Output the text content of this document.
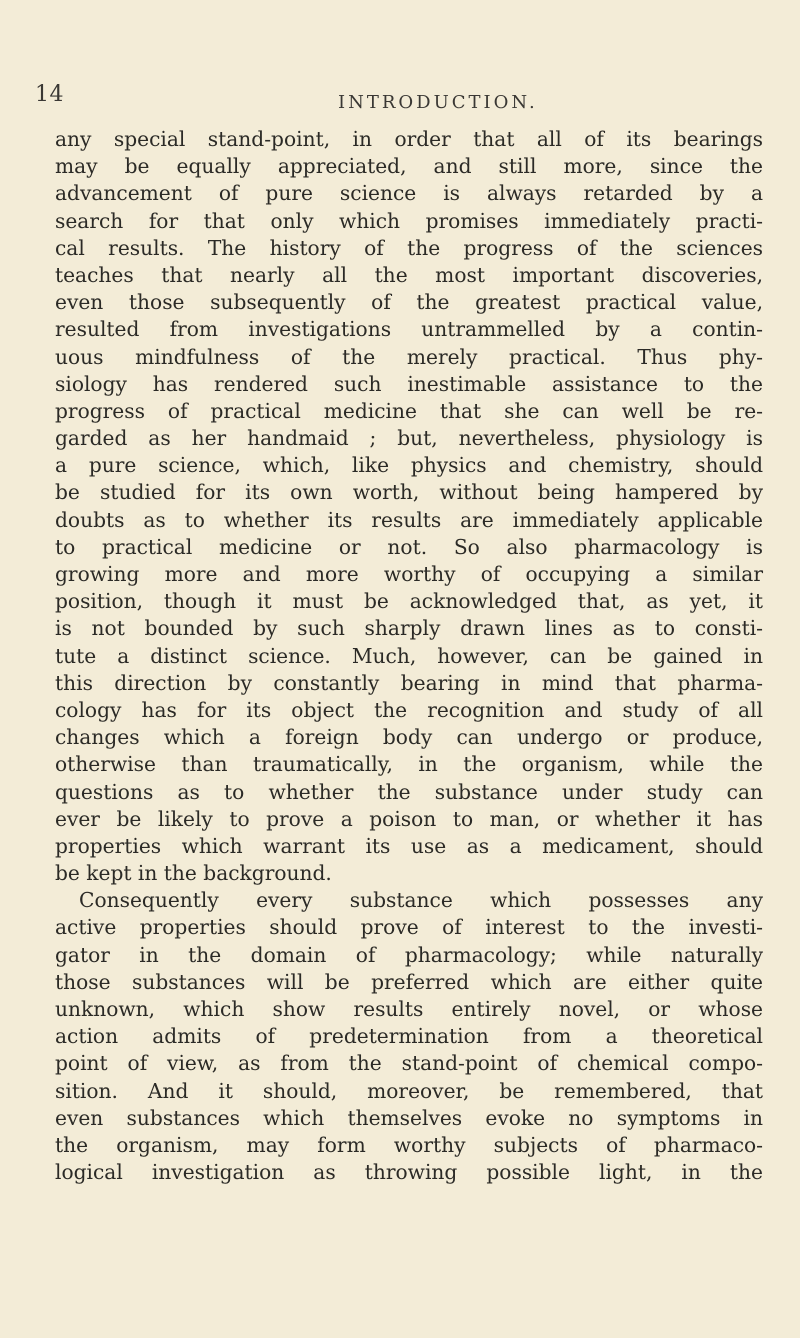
14	INTRODUCTION.
any special stand-point, in order that all of its bearings
may be equally appreciated, and still more, since the
advancement of pure science is always retarded by a
search for that only which promises immediately practi-
cal results. The history of the progress of the sciences
teaches that nearly all the most important discoveries,
even those subsequently of the greatest practical value,
resulted from investigations untrammelled by a contin-
uous mindfulness of the merely practical. Thus phy-
siology has rendered such inestimable assistance to the
progress of practical medicine that she can well be re-
garded as her handmaid ; but, nevertheless, physiology is
a pure science, which, like physics and chemistry, should
be studied for its own worth, without being hampered by
doubts as to whether its results are immediately applicable
to practical medicine or not. So also pharmacology is
growing more and more worthy of occupying a similar
position, though it must be acknowledged that, as yet, it
is not bounded by such sharply drawn lines as to consti-
tute a distinct science. Much, however, can be gained in
this direction by constantly bearing in mind that pharma-
cology has for its object the recognition and study of all
changes which a foreign body can undergo or produce,
otherwise than traumatically, in the organism, while the
questions as to whether the substance under study can
ever be likely to prove a poison to man, or whether it has
properties which warrant its use as a medicament, should
be kept in the background.
Consequently every substance which possesses any
active properties should prove of interest to the investi-
gator in the domain of pharmacology; while naturally
those substances will be preferred which are either quite
unknown, which show results entirely novel, or whose
action admits of predetermination from a theoretical
point of view, as from the stand-point of chemical compo-
sition. And it should, moreover, be remembered, that
even substances which themselves evoke no symptoms in
the organism, may form worthy subjects of pharmaco-
logical investigation as throwing possible light, in the
